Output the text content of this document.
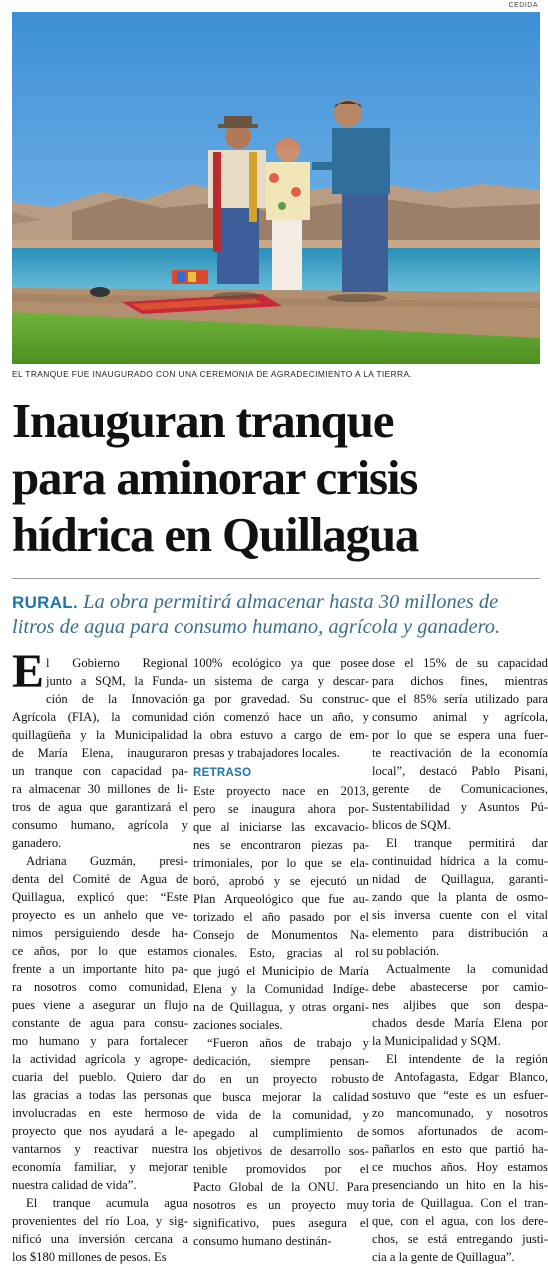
CEDIDA
EL TRANQUE FUE INAUGURADO CON UNA CEREMONIA DE AGRADECIMIENTO A LA TIERRA.
Inauguran tranque
para aminorar crisis
hídrica en Quillagua
RURAL. La obra permitirá almacenar hasta 30 millones de
litros de agua para consumo humano, agrícola y ganadero.
E l Gobierno Regional
junto a SQM, la Funda-
ción de la Innovación
Agrícola (FIA), la comunidad
quillagüeña y la Municipalidad
de María Elena, inauguraron
un tranque con capacidad pa-
ra almacenar 30 millones de li-
tros de agua que garantizará el
consumo humano, agrícola y
ganadero.
Adriana Guzmán, presi-
denta del Comité de Agua de
Quillagua, explicó que: “Este
proyecto es un anhelo que ve-
nimos persiguiendo desde ha-
ce años, por lo que estamos
frente a un importante hito pa-
ra nosotros como comunidad,
pues viene a asegurar un flujo
constante de agua para consu-
mo humano y para fortalecer
la actividad agrícola y agrope-
cuaria del pueblo. Quiero dar
las gracias a todas las personas
involucradas en este hermoso
proyecto que nos ayudará a le-
vantarnos y reactivar nuestra
economía familiar, y mejorar
nuestra calidad de vida”.
El tranque acumula agua
provenientes del río Loa, y sig-
nificó una inversión cercana a
los $180 millones de pesos. Es
100% ecológico ya que posee
un sistema de carga y descar-
ga por gravedad. Su construc-
ción comenzó hace un año, y
la obra estuvo a cargo de em-
presas y trabajadores locales.
RETRASO
Este proyecto nace en 2013,
pero se inaugura ahora por-
que al iniciarse las excavacio-
nes se encontraron piezas pa-
trimoniales, por lo que se ela-
boró, aprobó y se ejecutó un
Plan Arqueológico que fue au-
torizado el año pasado por el
Consejo de Monumentos Na-
cionales. Esto, gracias al rol
que jugó el Municipio de María
Elena y la Comunidad Indíge-
na de Quillagua, y otras organi-
zaciones sociales.
“Fueron años de trabajo y
dedicación, siempre pensan-
do en un proyecto robusto
que busca mejorar la calidad
de vida de la comunidad, y
apegado al cumplimiento de
los objetivos de desarrollo sos-
tenible promovidos por el
Pacto Global de la ONU. Para
nosotros es un proyecto muy
significativo, pues asegura el
consumo humano destinán-
dose el 15% de su capacidad
para dichos fines, mientras
que el 85% sería utilizado para
consumo animal y agrícola,
por lo que se espera una fuer-
te reactivación de la economía
local”, destacó Pablo Pisani,
gerente de Comunicaciones,
Sustentabilidad y Asuntos Pú-
blicos de SQM.
El tranque permitirá dar
continuidad hídrica a la comu-
nidad de Quillagua, garanti-
zando que la planta de osmo-
sis inversa cuente con el vital
elemento para distribución a
su población.
Actualmente la comunidad
debe abastecerse por camio-
nes aljibes que son despa-
chados desde María Elena por
la Municipalidad y SQM.
El intendente de la región
de Antofagasta, Edgar Blanco,
sostuvo que “este es un esfuer-
zo mancomunado, y nosotros
somos afortunados de acom-
pañarlos en esto que partió ha-
ce muchos años. Hoy estamos
presenciando un hito en la his-
toria de Quillagua. Con el tran-
que, con el agua, con los dere-
chos, se está entregando justi-
cia a la gente de Quillagua”.
